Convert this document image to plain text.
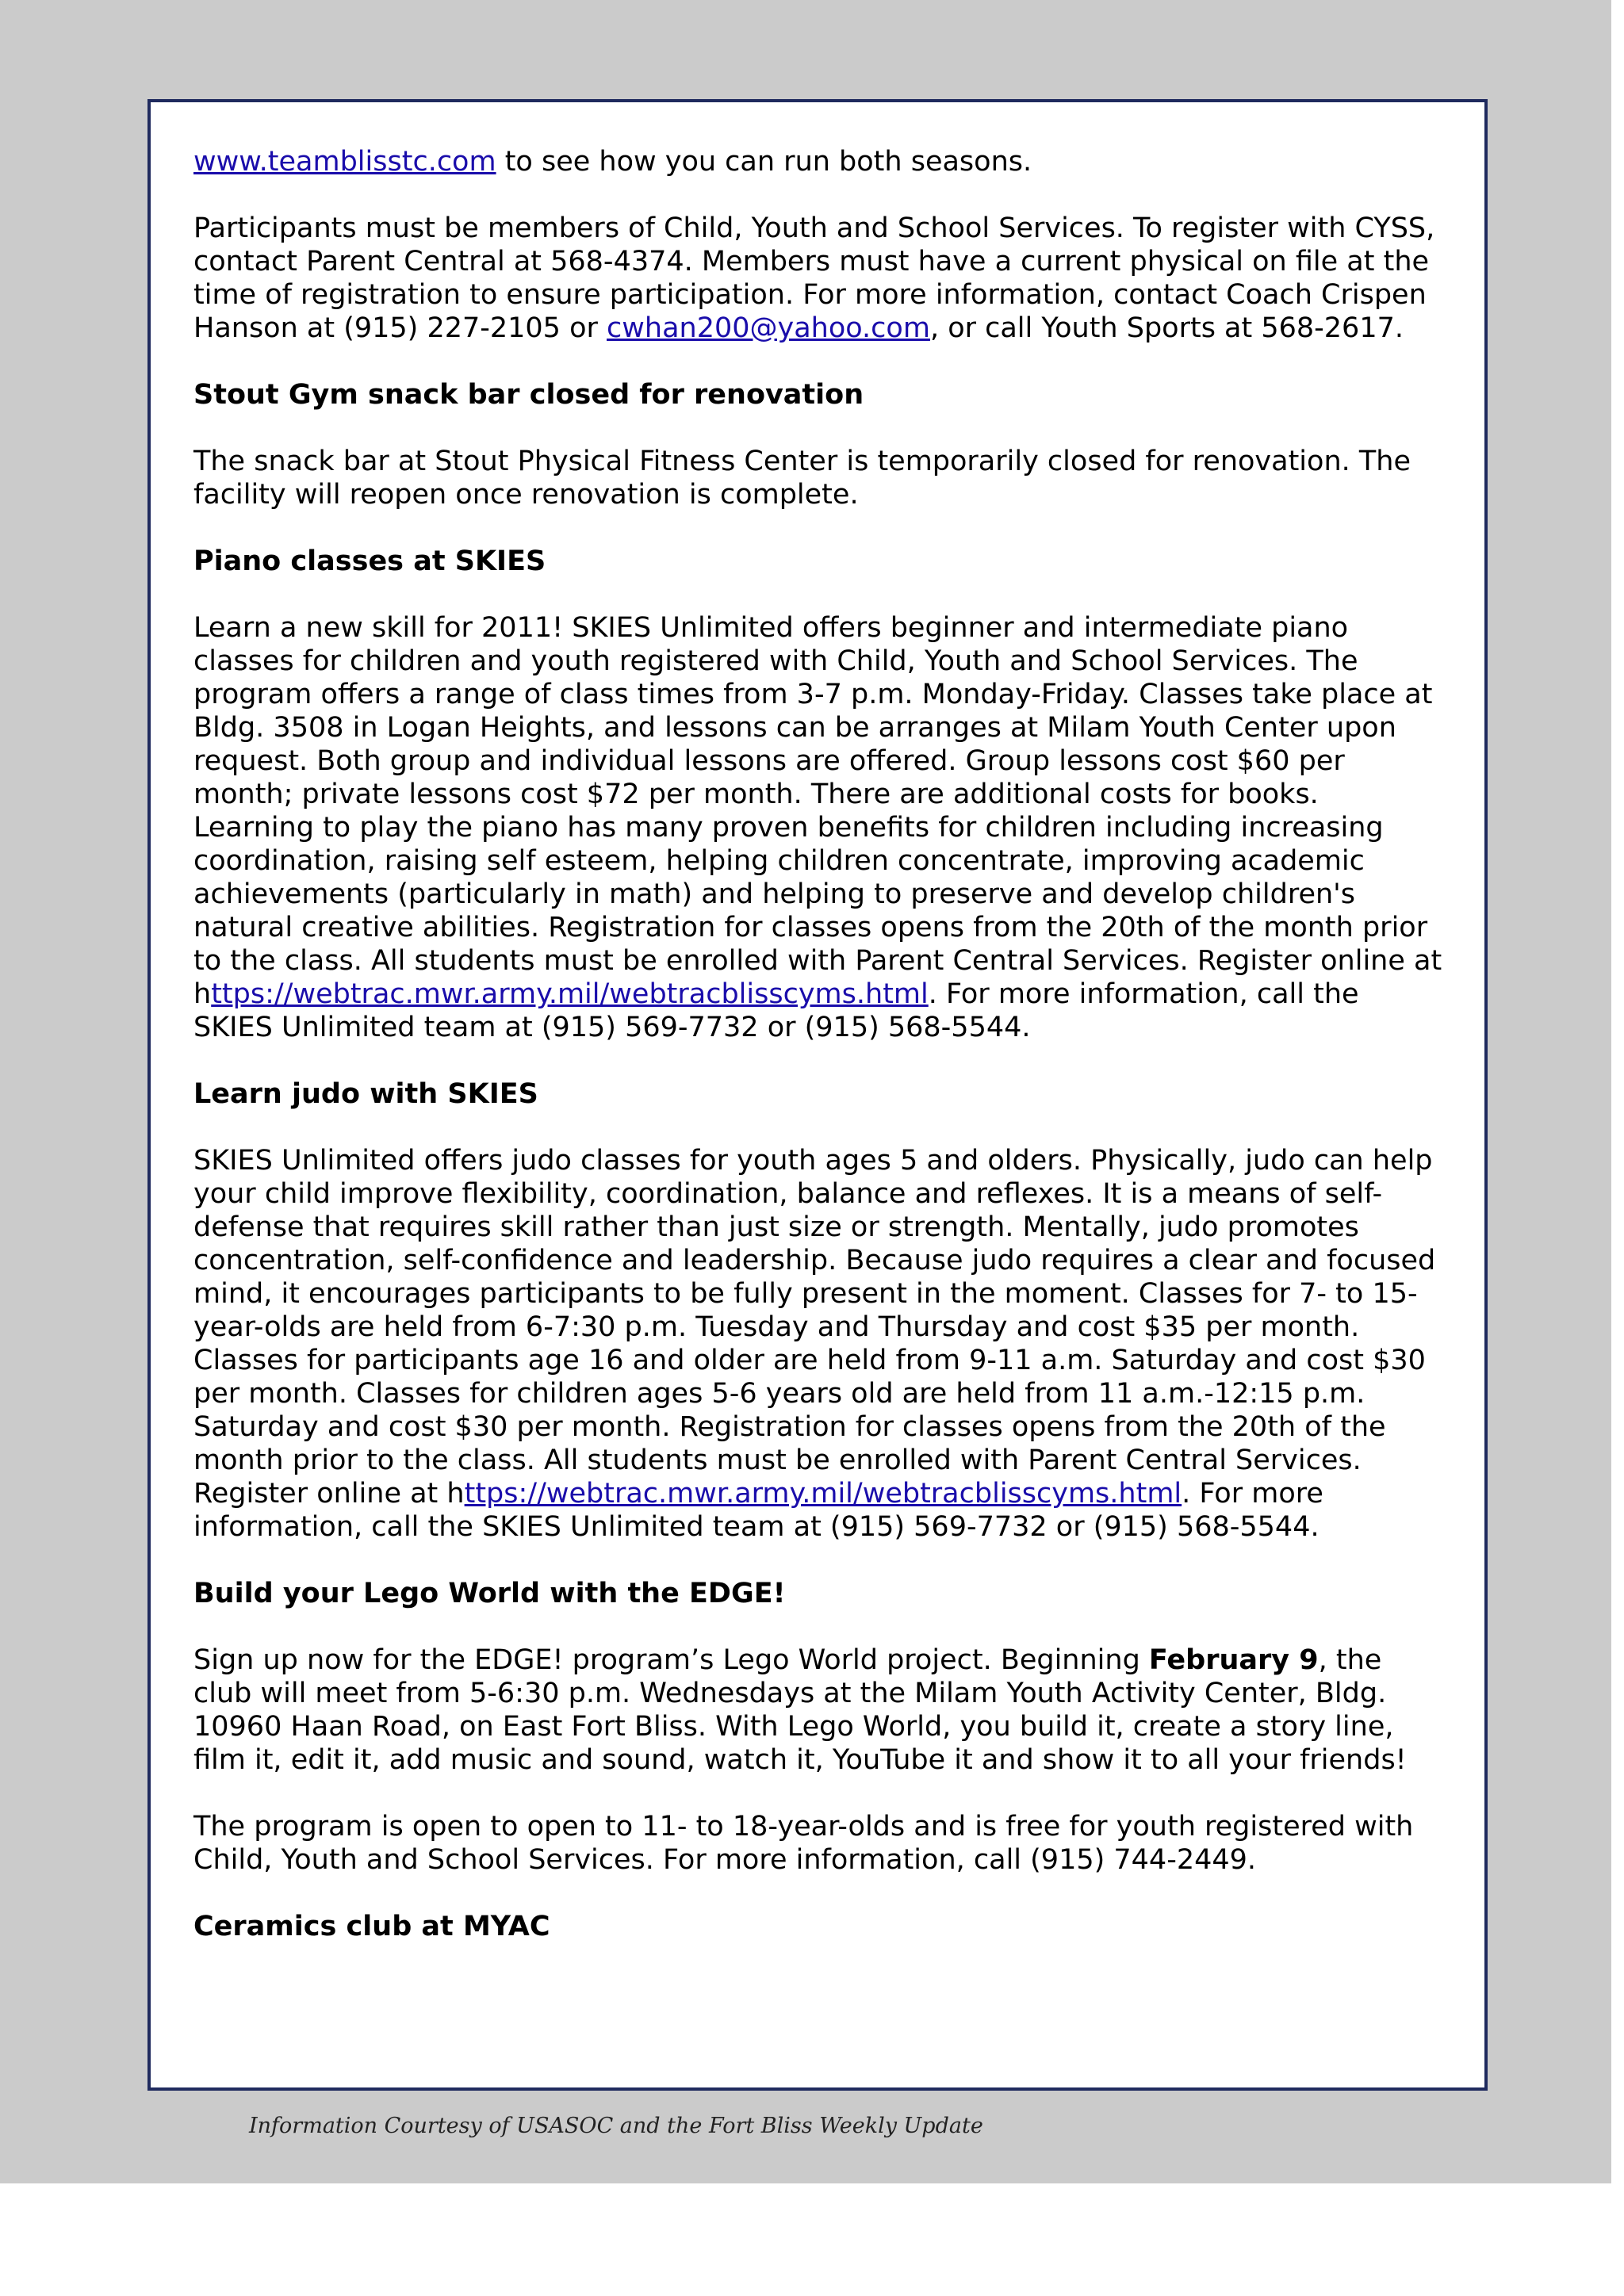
www.teamblisstc.com to see how you can run both seasons.

Participants must be members of Child, Youth and School Services. To register with CYSS, contact Parent Central at 568-4374. Members must have a current physical on file at the time of registration to ensure participation. For more information, contact Coach Crispen Hanson at (915) 227-2105 or cwhan200@yahoo.com, or call Youth Sports at 568-2617.

Stout Gym snack bar closed for renovation

The snack bar at Stout Physical Fitness Center is temporarily closed for renovation. The facility will reopen once renovation is complete.

Piano classes at SKIES

Learn a new skill for 2011! SKIES Unlimited offers beginner and intermediate piano classes for children and youth registered with Child, Youth and School Services. The program offers a range of class times from 3-7 p.m. Monday-Friday. Classes take place at Bldg. 3508 in Logan Heights, and lessons can be arranges at Milam Youth Center upon request. Both group and individual lessons are offered. Group lessons cost $60 per month; private lessons cost $72 per month. There are additional costs for books. Learning to play the piano has many proven benefits for children including increasing coordination, raising self esteem, helping children concentrate, improving academic achievements (particularly in math) and helping to preserve and develop children's natural creative abilities. Registration for classes opens from the 20th of the month prior to the class. All students must be enrolled with Parent Central Services. Register online at https://webtrac.mwr.army.mil/webtracblisscyms.html. For more information, call the SKIES Unlimited team at (915) 569-7732 or (915) 568-5544.

Learn judo with SKIES

SKIES Unlimited offers judo classes for youth ages 5 and olders. Physically, judo can help your child improve flexibility, coordination, balance and reflexes. It is a means of self-defense that requires skill rather than just size or strength. Mentally, judo promotes concentration, self-confidence and leadership. Because judo requires a clear and focused mind, it encourages participants to be fully present in the moment. Classes for 7- to 15-year-olds are held from 6-7:30 p.m. Tuesday and Thursday and cost $35 per month. Classes for participants age 16 and older are held from 9-11 a.m. Saturday and cost $30 per month. Classes for children ages 5-6 years old are held from 11 a.m.-12:15 p.m. Saturday and cost $30 per month. Registration for classes opens from the 20th of the month prior to the class. All students must be enrolled with Parent Central Services. Register online at https://webtrac.mwr.army.mil/webtracblisscyms.html. For more information, call the SKIES Unlimited team at (915) 569-7732 or (915) 568-5544.

Build your Lego World with the EDGE!

Sign up now for the EDGE! program’s Lego World project. Beginning February 9, the club will meet from 5-6:30 p.m. Wednesdays at the Milam Youth Activity Center, Bldg. 10960 Haan Road, on East Fort Bliss. With Lego World, you build it, create a story line, film it, edit it, add music and sound, watch it, YouTube it and show it to all your friends!

The program is open to open to 11- to 18-year-olds and is free for youth registered with Child, Youth and School Services. For more information, call (915) 744-2449.

Ceramics club at MYAC
Information Courtesy of USASOC and the Fort Bliss Weekly Update
